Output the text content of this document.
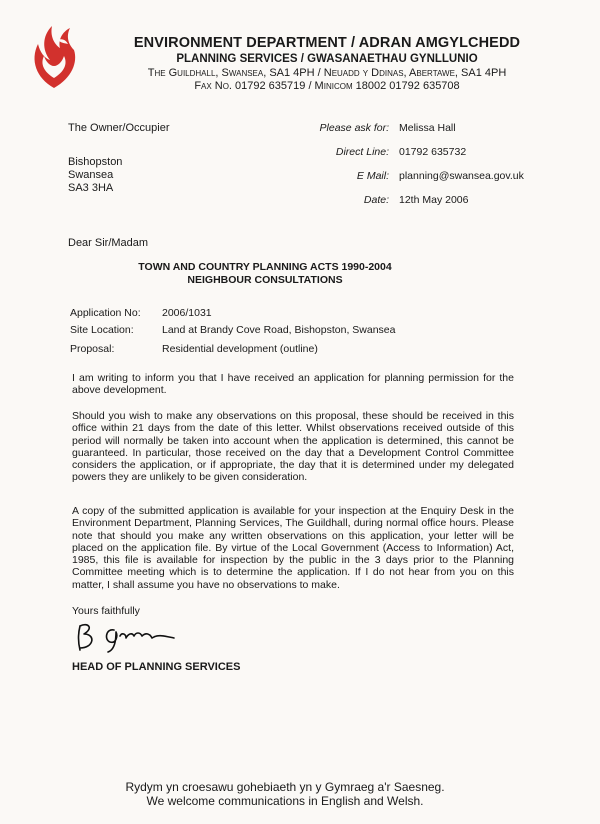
ENVIRONMENT DEPARTMENT / ADRAN AMGYLCHEDD
PLANNING SERVICES / GWASANAETHAU GYNLLUNIO
The Guildhall, Swansea, SA1 4PH / Neuadd y Ddinas, Abertawe, SA1 4PH
Fax No. 01792 635719 / Minicom 18002 01792 635708
The Owner/Occupier
Bishopston
Swansea
SA3 3HA
Please ask for: Melissa Hall
Direct Line: 01792 635732
E Mail: planning@swansea.gov.uk
Date: 12th May 2006
Dear Sir/Madam
TOWN AND COUNTRY PLANNING ACTS 1990-2004
NEIGHBOUR CONSULTATIONS
Application No: 2006/1031
Site Location:	Land at Brandy Cove Road, Bishopston, Swansea
Proposal:	Residential development (outline)
I am writing to inform you that I have received an application for planning permission for the above development.
Should you wish to make any observations on this proposal, these should be received in this office within 21 days from the date of this letter. Whilst observations received outside of this period will normally be taken into account when the application is determined, this cannot be guaranteed. In particular, those received on the day that a Development Control Committee considers the application, or if appropriate, the day that it is determined under my delegated powers they are unlikely to be given consideration.
A copy of the submitted application is available for your inspection at the Enquiry Desk in the Environment Department, Planning Services, The Guildhall, during normal office hours. Please note that should you make any written observations on this application, your letter will be placed on the application file. By virtue of the Local Government (Access to Information) Act, 1985, this file is available for inspection by the public in the 3 days prior to the Planning Committee meeting which is to determine the application. If I do not hear from you on this matter, I shall assume you have no observations to make.
Yours faithfully
HEAD OF PLANNING SERVICES
Rydym yn croesawu gohebiaeth yn y Gymraeg a'r Saesneg.
We welcome communications in English and Welsh.
